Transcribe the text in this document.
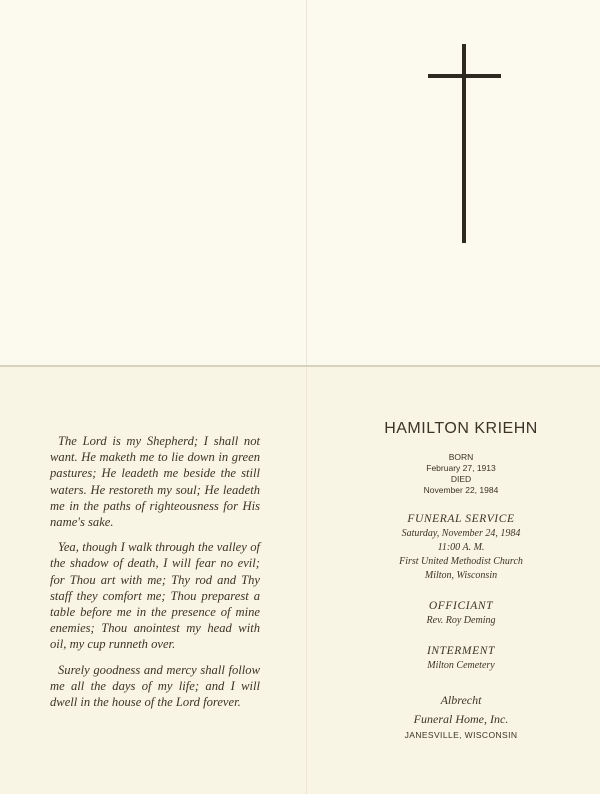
The Lord is my Shepherd; I shall not want. He maketh me to lie down in green pastures; He leadeth me beside the still waters. He restoreth my soul; He leadeth me in the paths of righteousness for His name's sake.

Yea, though I walk through the valley of the shadow of death, I will fear no evil; for Thou art with me; Thy rod and Thy staff they comfort me; Thou preparest a table before me in the presence of mine enemies; Thou anointest my head with oil, my cup runneth over.

Surely goodness and mercy shall follow me all the days of my life; and I will dwell in the house of the Lord forever.

HAMILTON KRIEHN
BORN
February 27, 1913
DIED
November 22, 1984
FUNERAL SERVICE
Saturday, November 24, 1984
11:00 A. M.
First United Methodist Church
Milton, Wisconsin
OFFICIANT
Rev. Roy Deming
INTERMENT
Milton Cemetery
Albrecht
Funeral Home, Inc.
JANESVILLE, WISCONSIN
